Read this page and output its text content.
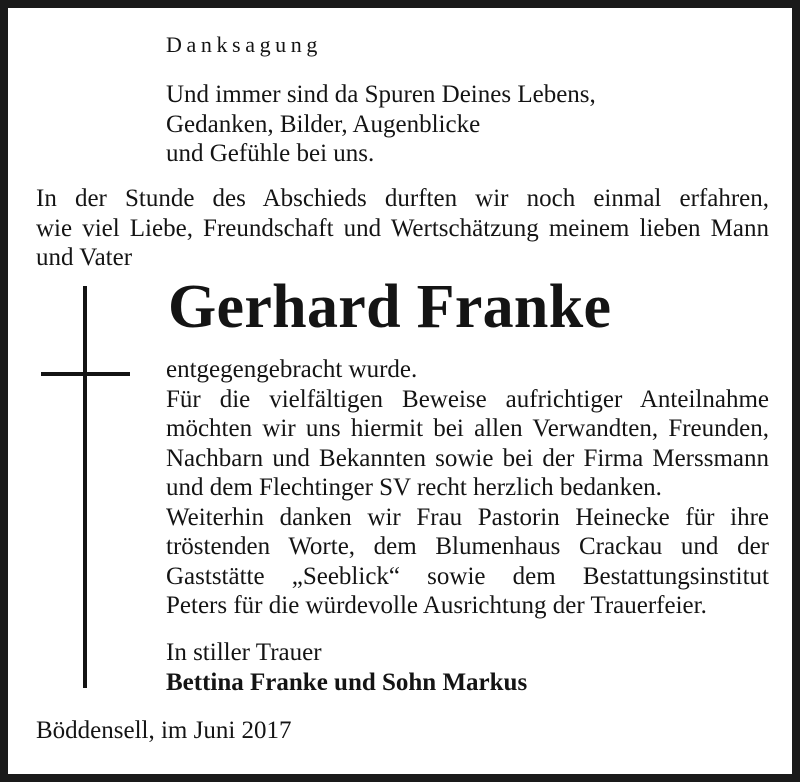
Danksagung
Und immer sind da Spuren Deines Lebens,
Gedanken, Bilder, Augenblicke
und Gefühle bei uns.
In der Stunde des Abschieds durften wir noch einmal erfahren,
wie viel Liebe, Freundschaft und Wertschätzung meinem lieben Mann
und Vater
Gerhard Franke
entgegengebracht wurde.
Für die vielfältigen Beweise aufrichtiger Anteilnahme
möchten wir uns hiermit bei allen Verwandten, Freunden,
Nachbarn und Bekannten sowie bei der Firma Merssmann
und dem Flechtinger SV recht herzlich bedanken.
Weiterhin danken wir Frau Pastorin Heinecke für ihre
tröstenden Worte, dem Blumenhaus Crackau und der
Gaststätte „Seeblick“ sowie dem Bestattungsinstitut
Peters für die würdevolle Ausrichtung der Trauerfeier.
In stiller Trauer
Bettina Franke und Sohn Markus
Böddensell, im Juni 2017
